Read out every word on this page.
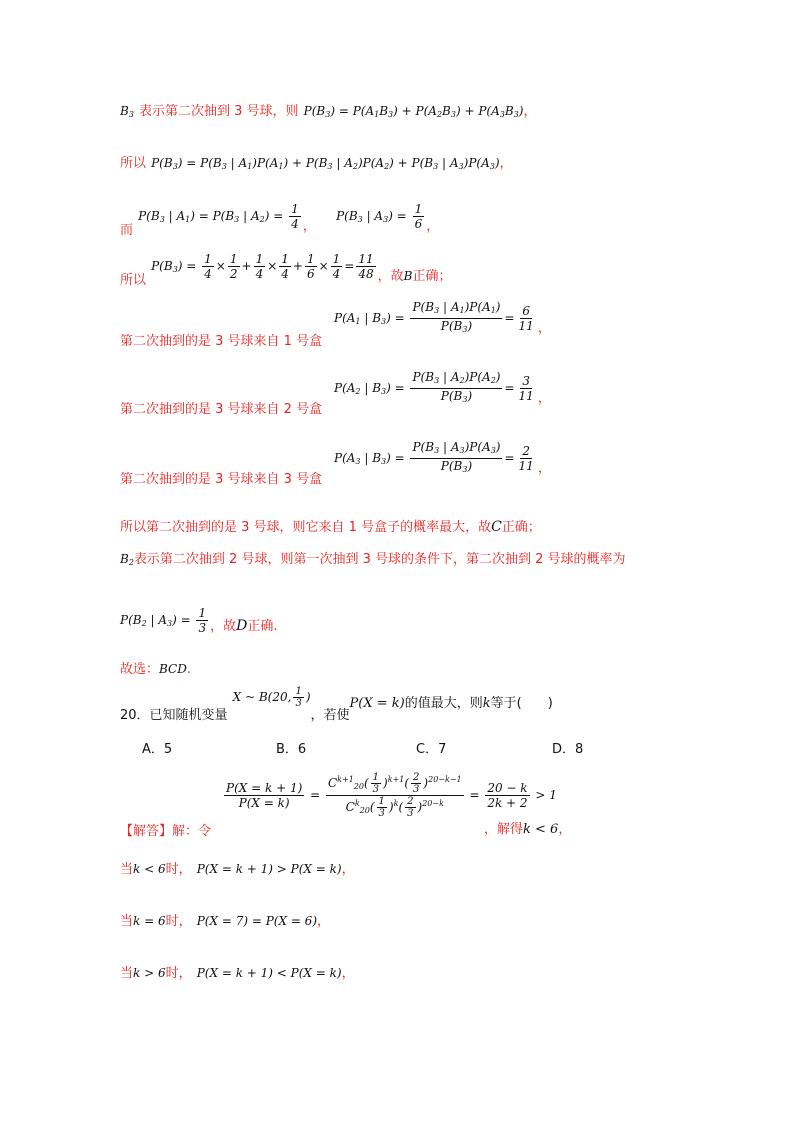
$B_3$ 表示第二次抽到 3 号球，则 $P(B_3) = P(A_1B_3) + P(A_2B_3) + P(A_3B_3)$，
所以 $P(B_3) = P(B_3$ | $A_1)P(A_1) + P(B_3$ | $A_2)P(A_2) + P(B_3$ | $A_3)P(A_3)$，
$_而$ $P(B_3$ | $A_1) = P(B_3$ | $A_2) = \frac{1}{4} _,$    $P(B_3$ | $A_3) = \frac{1}{6} _,$
$_{所以}$ $P(B_3) = \frac{1}{4} \times \frac{1}{2} + \frac{1}{4} \times \frac{1}{4} + \frac{1}{6} \times \frac{1}{4} = \frac{11}{48} _{,故B正确;}$
第二次抽到的是 3 号球来自 1 号盒
$P(A_1$ | $B_3) = \frac{P(B_3 | A_1)P(A_1)}{P(B_3)} = \frac{6}{11} _,$
第二次抽到的是 3 号球来自 2 号盒
$P(A_2$ | $B_3) = \frac{P(B_3 | A_2)P(A_2)}{P(B_3)} = \frac{3}{11} _,$
第二次抽到的是 3 号球来自 3 号盒
$P(A_3$ | $B_3) = \frac{P(B_3 | A_3)P(A_3)}{P(B_3)} = \frac{2}{11} _,$
所以第二次抽到的是 3 号球，则它来自 1 号盒子的概率最大，故C正确；
$B_2$表示第二次抽到 2 号球，则第一次抽到 3 号球的条件下，第二次抽到 2 号球的概率为
$P(B_2$ | $A_3) = \frac{1}{3} _{,故}D_{正确.}$
故选：BCD.
$_{20.已知随机变量}$ $^{X \sim B(20, \frac{1}{3} )}_{,若使}$P(X = k)的值最大，则k等于(　　)
A．5	B．6	C．7	D．8
$\frac{P(X = k + 1)}{P(X = k)} = \frac{C^{k+1}_{20}( \frac{1}{3} )^{k+1}( \frac{2}{3} )^{20-k-1}}{C^k_{20}( \frac{1}{3} )^k( \frac{2}{3} )^{20-k}} = \frac{20 - k}{2k + 2} > 1$
【解答】解：令	，解得k < 6，
当k < 6时， P(X = k + 1) > P(X = k)，
当k = 6时， P(X = 7) = P(X = 6)，
当k > 6时， P(X = k + 1) < P(X = k)，
